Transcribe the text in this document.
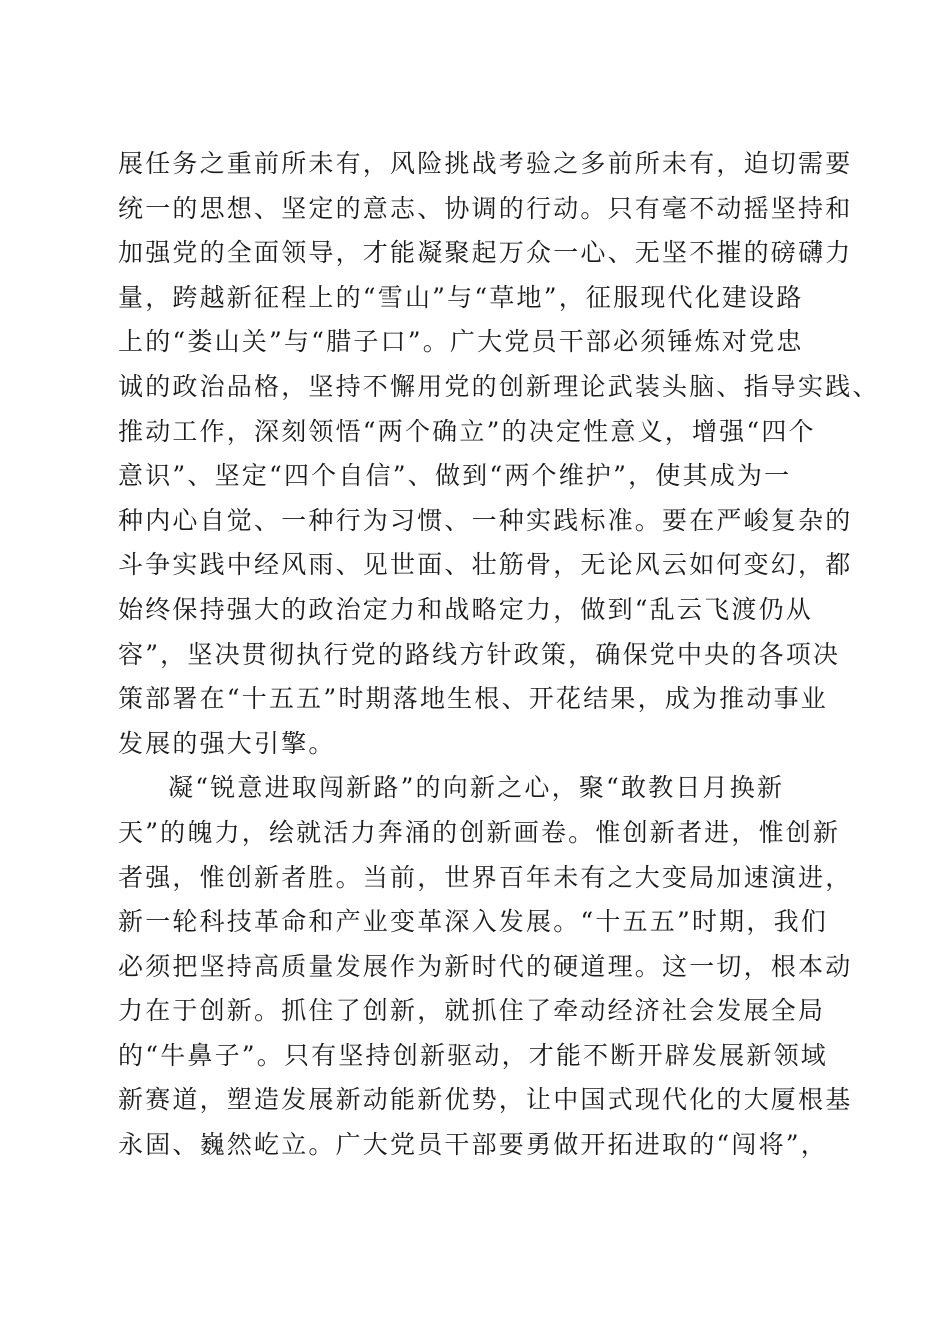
展任务之重前所未有，风险挑战考验之多前所未有，迫切需要
统一的思想、坚定的意志、协调的行动。只有毫不动摇坚持和
加强党的全面领导，才能凝聚起万众一心、无坚不摧的磅礴力
量，跨越新征程上的“雪山”与“草地”，征服现代化建设路
上的“娄山关”与“腊子口”。广大党员干部必须锤炼对党忠
诚的政治品格，坚持不懈用党的创新理论武装头脑、指导实践、
推动工作，深刻领悟“两个确立”的决定性意义，增强“四个
意识”、坚定“四个自信”、做到“两个维护”，使其成为一
种内心自觉、一种行为习惯、一种实践标准。要在严峻复杂的
斗争实践中经风雨、见世面、壮筋骨，无论风云如何变幻，都
始终保持强大的政治定力和战略定力，做到“乱云飞渡仍从
容”，坚决贯彻执行党的路线方针政策，确保党中央的各项决
策部署在“十五五”时期落地生根、开花结果，成为推动事业
发展的强大引擎。
凝“锐意进取闯新路”的向新之心，聚“敢教日月换新
天”的魄力，绘就活力奔涌的创新画卷。惟创新者进，惟创新
者强，惟创新者胜。当前，世界百年未有之大变局加速演进，
新一轮科技革命和产业变革深入发展。“十五五”时期，我们
必须把坚持高质量发展作为新时代的硬道理。这一切，根本动
力在于创新。抓住了创新，就抓住了牵动经济社会发展全局
的“牛鼻子”。只有坚持创新驱动，才能不断开辟发展新领域
新赛道，塑造发展新动能新优势，让中国式现代化的大厦根基
永固、巍然屹立。广大党员干部要勇做开拓进取的“闯将”，
